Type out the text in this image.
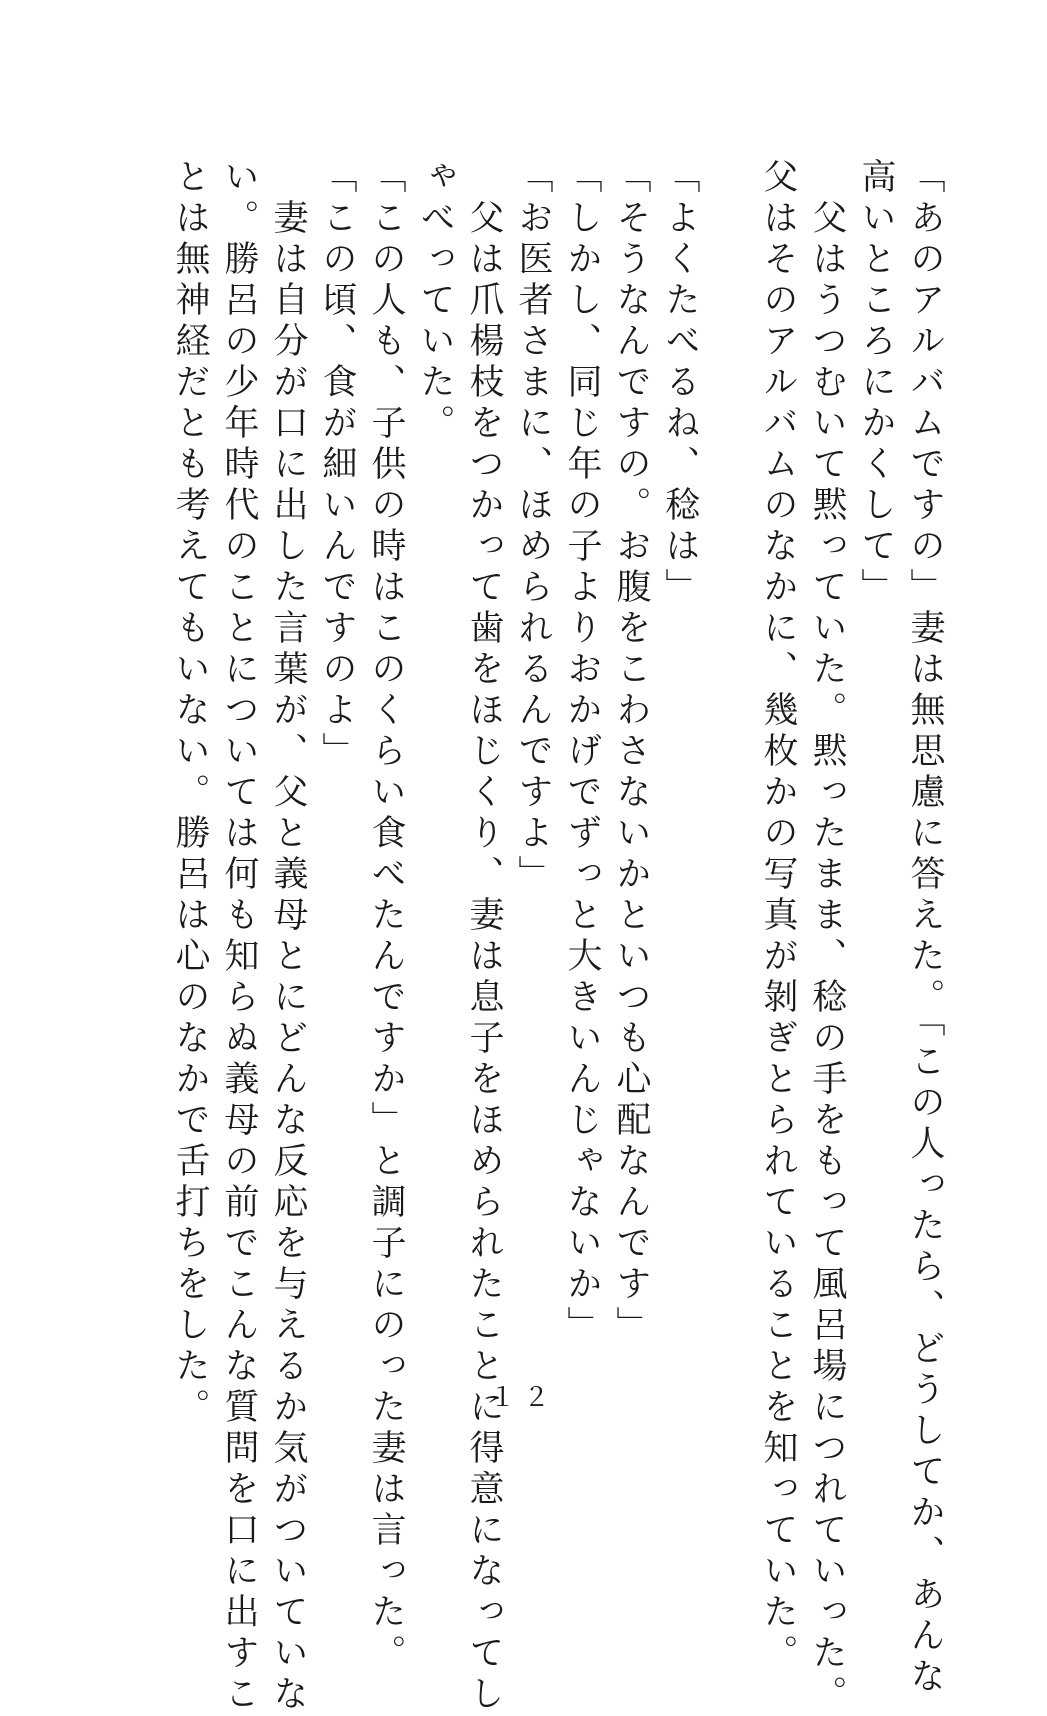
「あのアルバムですの」妻は無思慮に答えた。「この人ったら、どうしてか、あんな

高いところにかくして」

　父はうつむいて黙っていた。黙ったまま、稔の手をもって風呂場につれていった。

父はそのアルバムのなかに、幾枚かの写真が剝ぎとられていることを知っていた。

「よくたべるね、稔は」

「そうなんですの。お腹をこわさないかといつも心配なんです」

「しかし、同じ年の子よりおかげでずっと大きいんじゃないか」

「お医者さまに、ほめられるんですよ」

　父は爪楊枝をつかって歯をほじくり、妻は息子をほめられたことに得意になってし

ゃべっていた。

「この人も、子供の時はこのくらい食べたんですか」と調子にのった妻は言った。

「この頃、食が細いんですのよ」

　妻は自分が口に出した言葉が、父と義母とにどんな反応を与えるか気がついていな

い。勝呂の少年時代のことについては何も知らぬ義母の前でこんな質問を口に出すこ

とは無神経だとも考えてもいない。勝呂は心のなかで舌打ちをした。	１２
